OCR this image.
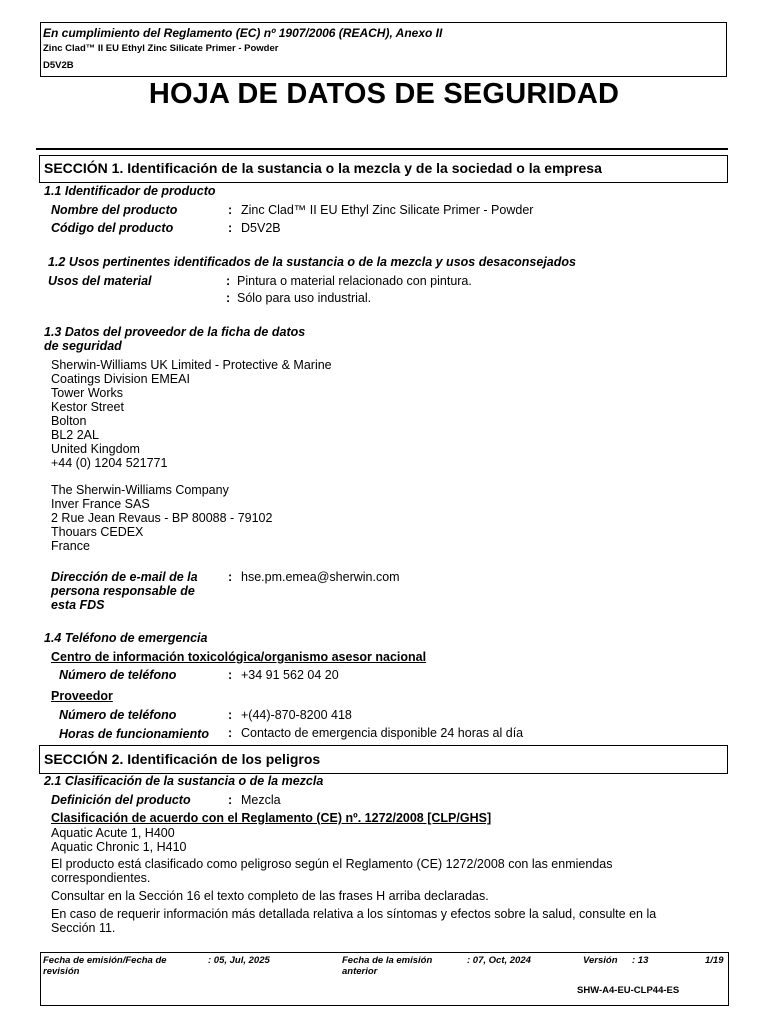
En cumplimiento del Reglamento (EC) nº 1907/2006 (REACH), Anexo II
Zinc Clad™ II EU Ethyl Zinc Silicate Primer - Powder
D5V2B
HOJA DE DATOS DE SEGURIDAD
SECCIÓN 1. Identificación de la sustancia o la mezcla y de la sociedad o la empresa
1.1 Identificador de producto
Nombre del producto	: Zinc Clad™ II EU Ethyl Zinc Silicate Primer - Powder
Código del producto	: D5V2B
1.2 Usos pertinentes identificados de la sustancia o de la mezcla y usos desaconsejados
Usos del material	: Pintura o material relacionado con pintura.
: Sólo para uso industrial.
1.3 Datos del proveedor de la ficha de datos
de seguridad
Sherwin-Williams UK Limited - Protective & Marine
Coatings Division EMEAI
Tower Works
Kestor Street
Bolton
BL2 2AL
United Kingdom
+44 (0) 1204 521771
The Sherwin-Williams Company
Inver France SAS
2 Rue Jean Revaus - BP 80088 - 79102
Thouars CEDEX
France
Dirección de e-mail de la
persona responsable de
esta FDS
: hse.pm.emea@sherwin.com
1.4 Teléfono de emergencia
Centro de información toxicológica/organismo asesor nacional
Número de teléfono	: +34 91 562 04 20
Proveedor
Número de teléfono	: +(44)-870-8200 418
Horas de funcionamiento : Contacto de emergencia disponible 24 horas al día
SECCIÓN 2. Identificación de los peligros
2.1 Clasificación de la sustancia o de la mezcla
Definición del producto	: Mezcla
Clasificación de acuerdo con el Reglamento (CE) nº. 1272/2008 [CLP/GHS]
Aquatic Acute 1, H400
Aquatic Chronic 1, H410
El producto está clasificado como peligroso según el Reglamento (CE) 1272/2008 con las enmiendas
correspondientes.
Consultar en la Sección 16 el texto completo de las frases H arriba declaradas.
En caso de requerir información más detallada relativa a los síntomas y efectos sobre la salud, consulte en la
Sección 11.
Fecha de emisión/Fecha de
revisión
: 05, Jul, 2025	Fecha de la emisión
anterior
: 07, Oct, 2024	Versión : 13	1/19
SHW-A4-EU-CLP44-ES
